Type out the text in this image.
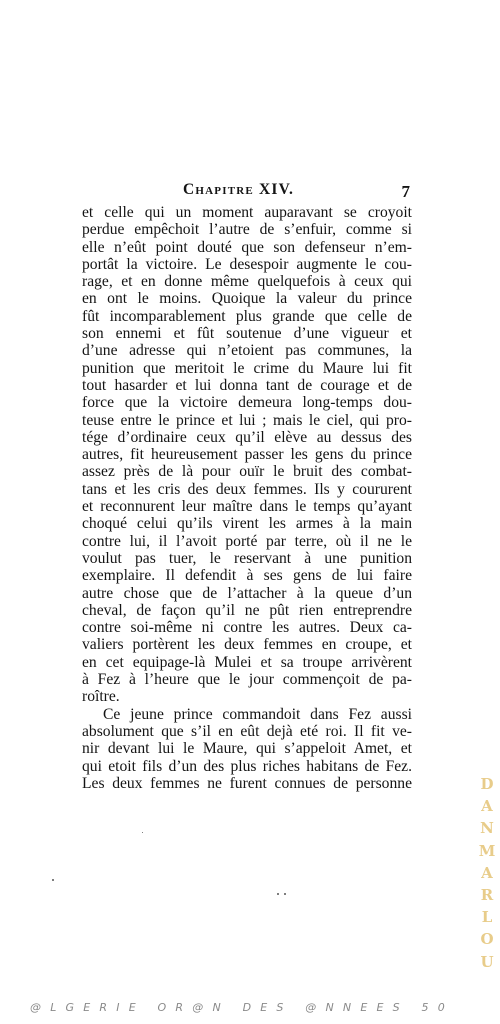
Chapitre XIV.	7
et celle qui un moment auparavant se croyoit
perdue empêchoit l’autre de s’enfuir, comme si
elle n’eût point douté que son defenseur n’em-
portât la victoire. Le desespoir augmente le cou-
rage, et en donne même quelquefois à ceux qui
en ont le moins. Quoique la valeur du prince
fût incomparablement plus grande que celle de
son ennemi et fût soutenue d’une vigueur et
d’une adresse qui n’etoient pas communes, la
punition que meritoit le crime du Maure lui fit
tout hasarder et lui donna tant de courage et de
force que la victoire demeura long-temps dou-
teuse entre le prince et lui ; mais le ciel, qui pro-
tége d’ordinaire ceux qu’il elève au dessus des
autres, fit heureusement passer les gens du prince
assez près de là pour ouïr le bruit des combat-
tans et les cris des deux femmes. Ils y coururent
et reconnurent leur maître dans le temps qu’ayant
choqué celui qu’ils virent les armes à la main
contre lui, il l’avoit porté par terre, où il ne le
voulut pas tuer, le reservant à une punition
exemplaire. Il defendit à ses gens de lui faire
autre chose que de l’attacher à la queue d’un
cheval, de façon qu’il ne pût rien entreprendre
contre soi-même ni contre les autres. Deux ca-
valiers portèrent les deux femmes en croupe, et
en cet equipage-là Mulei et sa troupe arrivèrent
à Fez à l’heure que le jour commençoit de pa-
roître.
Ce jeune prince commandoit dans Fez aussi
absolument que s’il en eût dejà eté roi. Il fit ve-
nir devant lui le Maure, qui s’appeloit Amet, et
qui etoit fils d’un des plus riches habitans de Fez.
Les deux femmes ne furent connues de personne	D
A
N
M
A
R
L
O
U
@LGERIE OR@N DES @NNEES 50
